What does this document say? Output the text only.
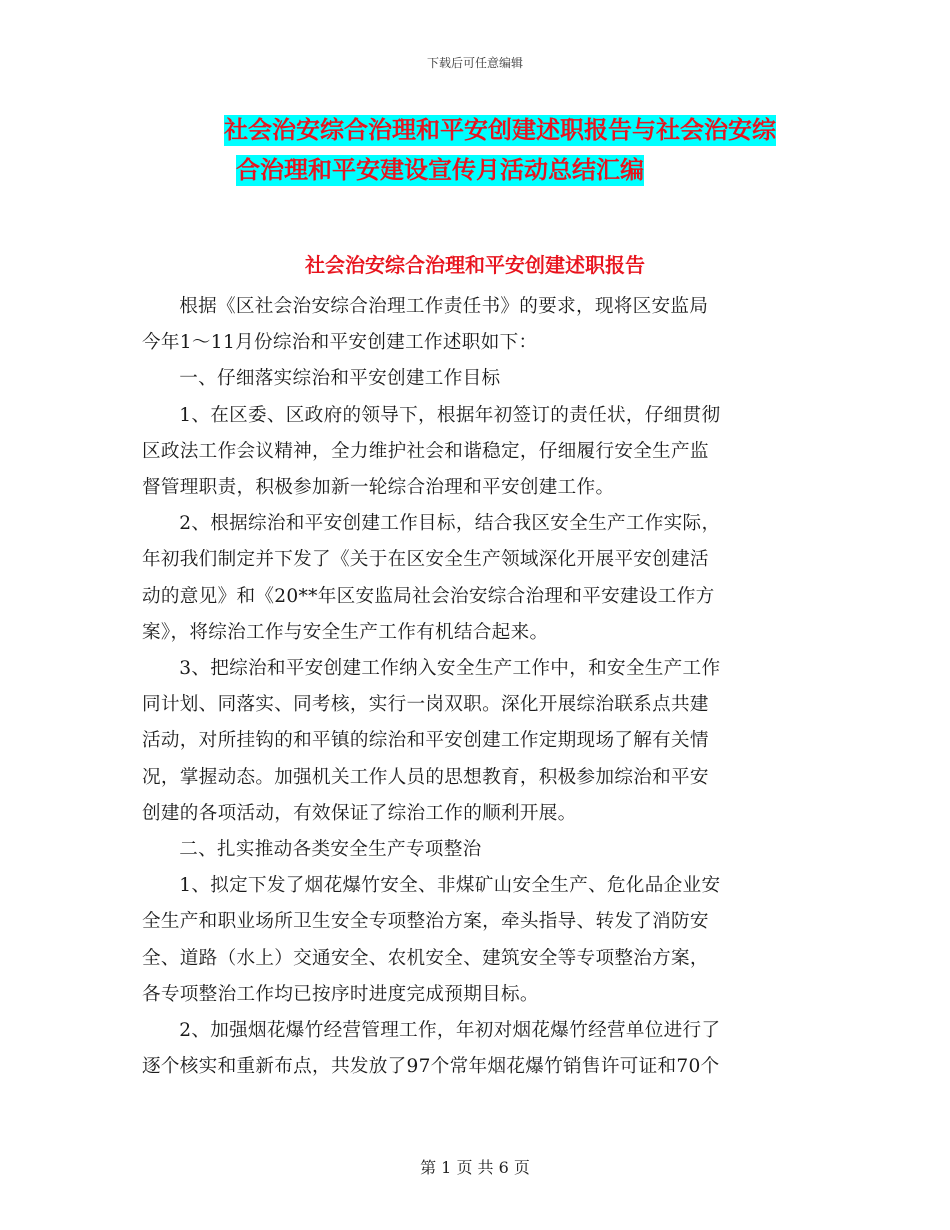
下载后可任意编辑
社会治安综合治理和平安创建述职报告与社会治安综
合治理和平安建设宣传月活动总结汇编
社会治安综合治理和平安创建述职报告

根据《区社会治安综合治理工作责任书》的要求，现将区安监局
今年1～11月份综治和平安创建工作述职如下：

一、仔细落实综治和平安创建工作目标

1、在区委、区政府的领导下，根据年初签订的责任状，仔细贯彻
区政法工作会议精神，全力维护社会和谐稳定，仔细履行安全生产监
督管理职责，积极参加新一轮综合治理和平安创建工作。

2、根据综治和平安创建工作目标，结合我区安全生产工作实际，
年初我们制定并下发了《关于在区安全生产领域深化开展平安创建活
动的意见》和《20**年区安监局社会治安综合治理和平安建设工作方
案》，将综治工作与安全生产工作有机结合起来。

3、把综治和平安创建工作纳入安全生产工作中，和安全生产工作
同计划、同落实、同考核，实行一岗双职。深化开展综治联系点共建
活动，对所挂钩的和平镇的综治和平安创建工作定期现场了解有关情
况，掌握动态。加强机关工作人员的思想教育，积极参加综治和平安
创建的各项活动，有效保证了综治工作的顺利开展。

二、扎实推动各类安全生产专项整治

1、拟定下发了烟花爆竹安全、非煤矿山安全生产、危化品企业安
全生产和职业场所卫生安全专项整治方案，牵头指导、转发了消防安
全、道路（水上）交通安全、农机安全、建筑安全等专项整治方案，
各专项整治工作均已按序时进度完成预期目标。

2、加强烟花爆竹经营管理工作，年初对烟花爆竹经营单位进行了
逐个核实和重新布点，共发放了97个常年烟花爆竹销售许可证和70个

第 1 页 共 6 页
